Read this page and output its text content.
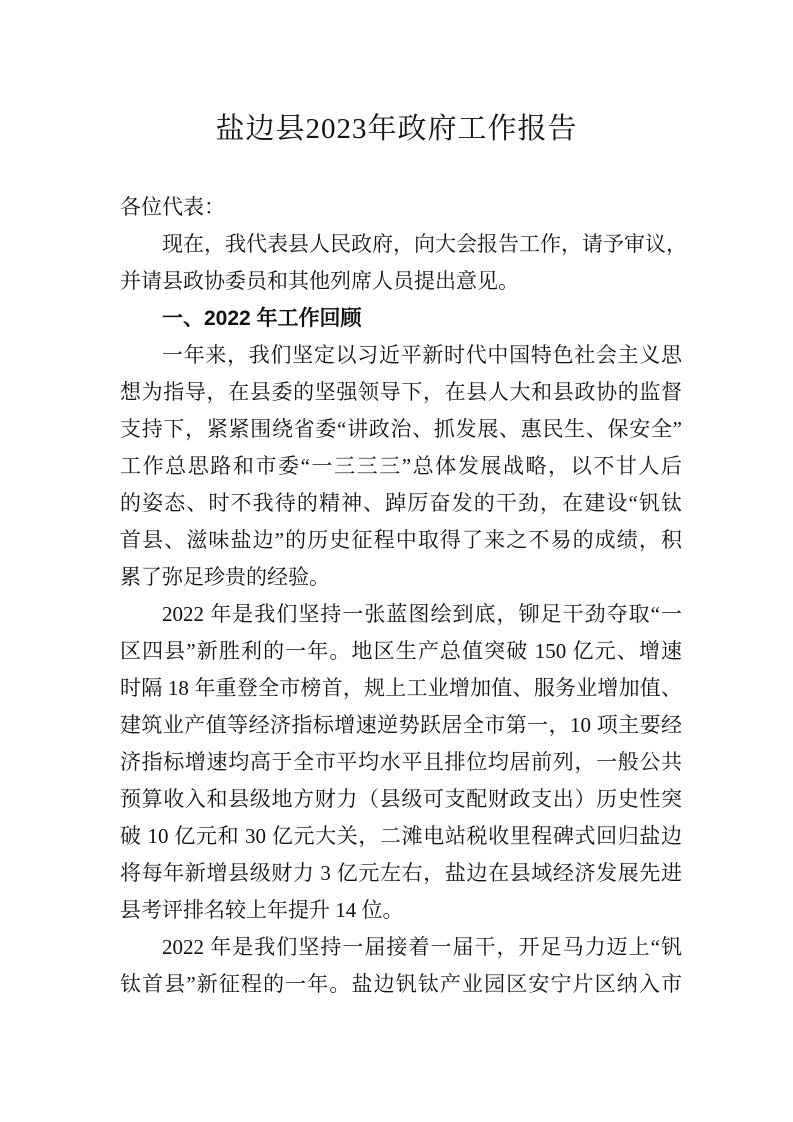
盐边县2023年政府工作报告
各位代表：
现在，我代表县人民政府，向大会报告工作，请予审议，
并请县政协委员和其他列席人员提出意见。
一、2022 年工作回顾
一年来，我们坚定以习近平新时代中国特色社会主义思
想为指导，在县委的坚强领导下，在县人大和县政协的监督
支持下，紧紧围绕省委“讲政治、抓发展、惠民生、保安全”
工作总思路和市委“一三三三”总体发展战略，以不甘人后
的姿态、时不我待的精神、踔厉奋发的干劲，在建设“钒钛
首县、滋味盐边”的历史征程中取得了来之不易的成绩，积
累了弥足珍贵的经验。
2022 年是我们坚持一张蓝图绘到底，铆足干劲夺取“一
区四县”新胜利的一年。地区生产总值突破 150 亿元、增速
时隔 18 年重登全市榜首，规上工业增加值、服务业增加值、
建筑业产值等经济指标增速逆势跃居全市第一，10 项主要经
济指标增速均高于全市平均水平且排位均居前列，一般公共
预算收入和县级地方财力（县级可支配财政支出）历史性突
破 10 亿元和 30 亿元大关，二滩电站税收里程碑式回归盐边
将每年新增县级财力 3 亿元左右，盐边在县域经济发展先进
县考评排名较上年提升 14 位。
2022 年是我们坚持一届接着一届干，开足马力迈上“钒
钛首县”新征程的一年。盐边钒钛产业园区安宁片区纳入市
